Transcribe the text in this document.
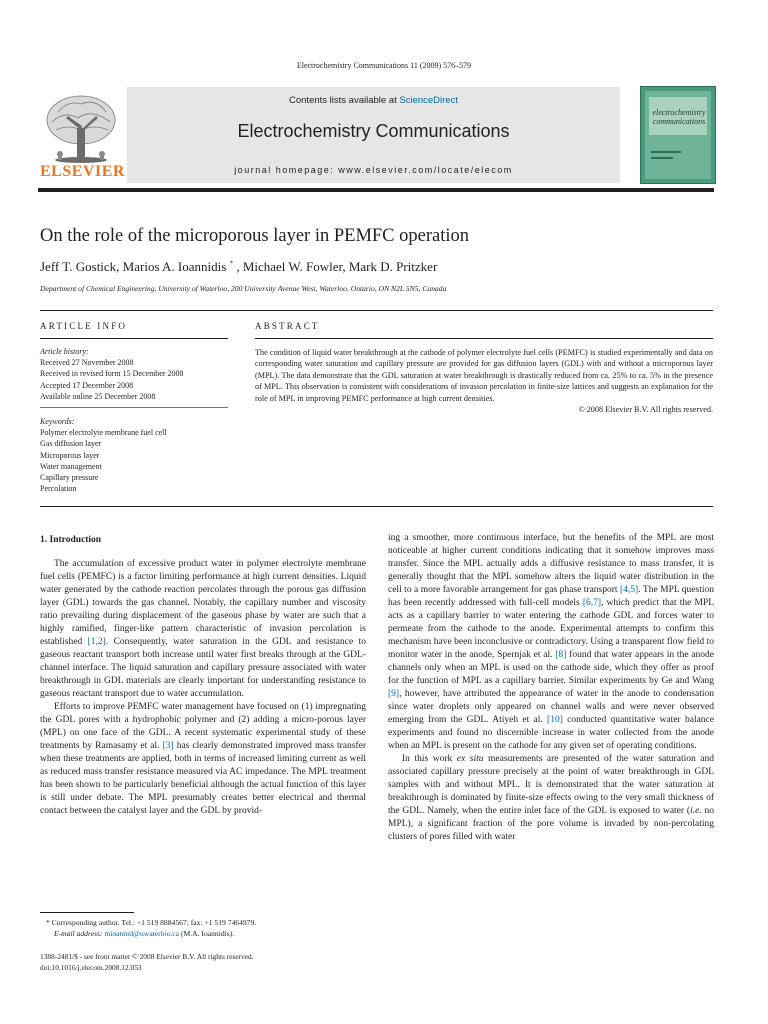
Electrochemistry Communications 11 (2009) 576–579
Contents lists available at ScienceDirect
Electrochemistry Communications
journal homepage: www.elsevier.com/locate/elecom
ELSEVIER
electrochemistry communications
On the role of the microporous layer in PEMFC operation
Jeff T. Gostick, Marios A. Ioannidis * , Michael W. Fowler, Mark D. Pritzker
Department of Chemical Engineering, University of Waterloo, 200 University Avenue West, Waterloo, Ontario, ON N2L 5N5, Canada
ARTICLE INFO
Article history:
Received 27 November 2008
Received in revised form 15 December 2008
Accepted 17 December 2008
Available online 25 December 2008
Keywords:
Polymer electrolyte membrane fuel cell
Gas diffusion layer
Microporous layer
Water management
Capillary pressure
Percolation
ABSTRACT
The condition of liquid water breakthrough at the cathode of polymer electrolyte fuel cells (PEMFC) is studied experimentally and data on corresponding water saturation and capillary pressure are provided for gas diffusion layers (GDL) with and without a microporous layer (MPL). The data demonstrate that the GDL saturation at water breakthrough is drastically reduced from ca. 25% to ca. 5% in the presence of MPL. This observation is consistent with considerations of invasion percolation in finite-size lattices and suggests an explanation for the role of MPL in improving PEMFC performance at high current densities.
© 2008 Elsevier B.V. All rights reserved.
1. Introduction

The accumulation of excessive product water in polymer electrolyte membrane fuel cells (PEMFC) is a factor limiting performance at high current densities. Liquid water generated by the cathode reaction percolates through the porous gas diffusion layer (GDL) towards the gas channel. Notably, the capillary number and viscosity ratio prevailing during displacement of the gaseous phase by water are such that a highly ramified, finger-like pattern characteristic of invasion percolation is established [1,2]. Consequently, water saturation in the GDL and resistance to gaseous reactant transport both increase until water first breaks through at the GDL-channel interface. The liquid saturation and capillary pressure associated with water breakthrough in GDL materials are clearly important for understanding resistance to gaseous reactant transport due to water accumulation.

Efforts to improve PEMFC water management have focused on (1) impregnating the GDL pores with a hydrophobic polymer and (2) adding a micro-porous layer (MPL) on one face of the GDL. A recent systematic experimental study of these treatments by Ramasamy et al. [3] has clearly demonstrated improved mass transfer when these treatments are applied, both in terms of increased limiting current as well as reduced mass transfer resistance measured via AC impedance. The MPL treatment has been shown to be particularly beneficial although the actual function of this layer is still under debate. The MPL presumably creates better electrical and thermal contact between the catalyst layer and the GDL by provid-

ing a smoother, more continuous interface, but the benefits of the MPL are most noticeable at higher current conditions indicating that it somehow improves mass transfer. Since the MPL actually adds a diffusive resistance to mass transfer, it is generally thought that the MPL somehow alters the liquid water distribution in the cell to a more favorable arrangement for gas phase transport [4,5]. The MPL question has been recently addressed with full-cell models [6,7], which predict that the MPL acts as a capillary barrier to water entering the cathode GDL and forces water to permeate from the cathode to the anode. Experimental attempts to confirm this mechanism have been inconclusive or contradictory. Using a transparent flow field to monitor water in the anode, Spernjak et al. [8] found that water appears in the anode channels only when an MPL is used on the cathode side, which they offer as proof for the function of MPL as a capillary barrier. Similar experiments by Ge and Wang [9], however, have attributed the appearance of water in the anode to condensation since water droplets only appeared on channel walls and were never observed emerging from the GDL. Atiyeh et al. [10] conducted quantitative water balance experiments and found no discernible increase in water collected from the anode when an MPL is present on the cathode for any given set of operating conditions.

In this work ex situ measurements are presented of the water saturation and associated capillary pressure precisely at the point of water breakthrough in GDL samples with and without MPL. It is demonstrated that the water saturation at breakthrough is dominated by finite-size effects owing to the very small thickness of the GDL. Namely, when the entire inlet face of the GDL is exposed to water (i.e. no MPL), a significant fraction of the pore volume is invaded by non-percolating clusters of pores filled with water

* Corresponding author. Tel.: +1 519 8884567; fax: +1 519 7464979.
E-mail address: mioannid@uwaterloo.ca (M.A. Ioannidis).
1388-2481/$ - see front matter © 2008 Elsevier B.V. All rights reserved.
doi:10.1016/j.elecom.2008.12.053
